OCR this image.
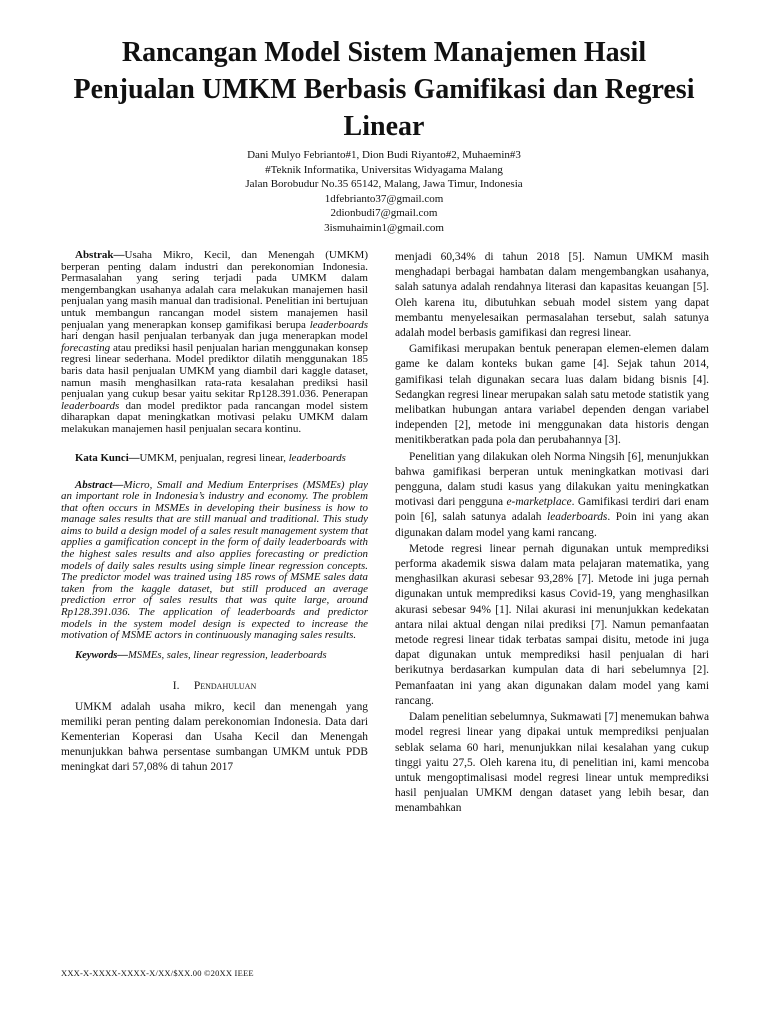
Rancangan Model Sistem Manajemen Hasil Penjualan UMKM Berbasis Gamifikasi dan Regresi Linear
Dani Mulyo Febrianto#1, Dion Budi Riyanto#2, Muhaemin#3
#Teknik Informatika, Universitas Widyagama Malang
Jalan Borobudur No.35 65142, Malang, Jawa Timur, Indonesia
1dfebrianto37@gmail.com
2dionbudi7@gmail.com
3ismuhaimin1@gmail.com

Abstrak—Usaha Mikro, Kecil, dan Menengah (UMKM) berperan penting dalam industri dan perekonomian Indonesia. Permasalahan yang sering terjadi pada UMKM dalam mengembangkan usahanya adalah cara melakukan manajemen hasil penjualan yang masih manual dan tradisional. Penelitian ini bertujuan untuk membangun rancangan model sistem manajemen hasil penjualan yang menerapkan konsep gamifikasi berupa leaderboards hari dengan hasil penjualan terbanyak dan juga menerapkan model forecasting atau prediksi hasil penjualan harian menggunakan konsep regresi linear sederhana. Model prediktor dilatih menggunakan 185 baris data hasil penjualan UMKM yang diambil dari kaggle dataset, namun masih menghasilkan rata-rata kesalahan prediksi hasil penjualan yang cukup besar yaitu sekitar Rp128.391.036. Penerapan leaderboards dan model prediktor pada rancangan model sistem diharapkan dapat meningkatkan motivasi pelaku UMKM dalam melakukan manajemen hasil penjualan secara kontinu.

Kata Kunci—UMKM, penjualan, regresi linear, leaderboards

Abstract—Micro, Small and Medium Enterprises (MSMEs) play an important role in Indonesia’s industry and economy. The problem that often occurs in MSMEs in developing their business is how to manage sales results that are still manual and traditional. This study aims to build a design model of a sales result management system that applies a gamification concept in the form of daily leaderboards with the highest sales results and also applies forecasting or prediction models of daily sales results using simple linear regression concepts. The predictor model was trained using 185 rows of MSME sales data taken from the kaggle dataset, but still produced an average prediction error of sales results that was quite large, around Rp128.391.036. The application of leaderboards and predictor models in the system model design is expected to increase the motivation of MSME actors in continuously managing sales results.

Keywords—MSMEs, sales, linear regression, leaderboards

I. Pendahuluan

UMKM adalah usaha mikro, kecil dan menengah yang memiliki peran penting dalam perekonomian Indonesia. Data dari Kementerian Koperasi dan Usaha Kecil dan Menengah menunjukkan bahwa persentase sumbangan UMKM untuk PDB meningkat dari 57,08% di tahun 2017

menjadi 60,34% di tahun 2018 [5]. Namun UMKM masih menghadapi berbagai hambatan dalam mengembangkan usahanya, salah satunya adalah rendahnya literasi dan kapasitas keuangan [5]. Oleh karena itu, dibutuhkan sebuah model sistem yang dapat membantu menyelesaikan permasalahan tersebut, salah satunya adalah model berbasis gamifikasi dan regresi linear.

Gamifikasi merupakan bentuk penerapan elemen-elemen dalam game ke dalam konteks bukan game [4]. Sejak tahun 2014, gamifikasi telah digunakan secara luas dalam bidang bisnis [4]. Sedangkan regresi linear merupakan salah satu metode statistik yang melibatkan hubungan antara variabel dependen dengan variabel independen [2], metode ini menggunakan data historis dengan menitikberatkan pada pola dan perubahannya [3].

Penelitian yang dilakukan oleh Norma Ningsih [6], menunjukkan bahwa gamifikasi berperan untuk meningkatkan motivasi dari pengguna, dalam studi kasus yang dilakukan yaitu meningkatkan motivasi dari pengguna e-marketplace. Gamifikasi terdiri dari enam poin [6], salah satunya adalah leaderboards. Poin ini yang akan digunakan dalam model yang kami rancang.

Metode regresi linear pernah digunakan untuk memprediksi performa akademik siswa dalam mata pelajaran matematika, yang menghasilkan akurasi sebesar 93,28% [7]. Metode ini juga pernah digunakan untuk memprediksi kasus Covid-19, yang menghasilkan akurasi sebesar 94% [1]. Nilai akurasi ini menunjukkan kedekatan antara nilai aktual dengan nilai prediksi [7]. Namun pemanfaatan metode regresi linear tidak terbatas sampai disitu, metode ini juga dapat digunakan untuk memprediksi hasil penjualan di hari berikutnya berdasarkan kumpulan data di hari sebelumnya [2]. Pemanfaatan ini yang akan digunakan dalam model yang kami rancang.

Dalam penelitian sebelumnya, Sukmawati [7] menemukan bahwa model regresi linear yang dipakai untuk memprediksi penjualan seblak selama 60 hari, menunjukkan nilai kesalahan yang cukup tinggi yaitu 27,5. Oleh karena itu, di penelitian ini, kami mencoba untuk mengoptimalisasi model regresi linear untuk memprediksi hasil penjualan UMKM dengan dataset yang lebih besar, dan menambahkan

XXX-X-XXXX-XXXX-X/XX/$XX.00 ©20XX IEEE
